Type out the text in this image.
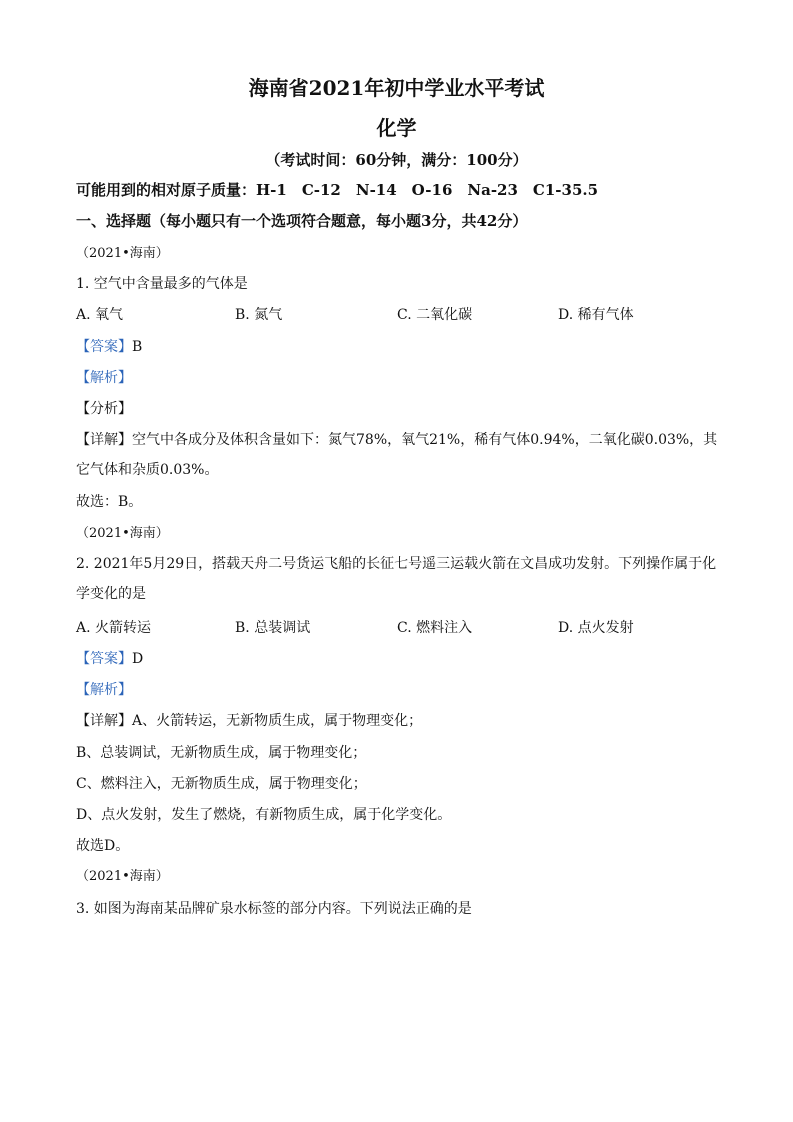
海南省2021年初中学业水平考试
化学
（考试时间：60分钟，满分：100分）
可能用到的相对原子质量：H-1　C-12　N-14　O-16　Na-23　C1-35.5
一、选择题（每小题只有一个选项符合题意，每小题3分，共42分）
（2021•海南）
1. 空气中含量最多的气体是
A. 氧气	B. 氮气	C. 二氧化碳	D. 稀有气体
【答案】B
【解析】
【分析】
【详解】空气中各成分及体积含量如下：氮气78%，氧气21%，稀有气体0.94%，二氧化碳0.03%，其它气体和杂质0.03%。
故选：B。
（2021•海南）
2. 2021年5月29日，搭载天舟二号货运飞船的长征七号遥三运载火箭在文昌成功发射。下列操作属于化学变化的是
A. 火箭转运	B. 总装调试	C. 燃料注入	D. 点火发射
【答案】D
【解析】
【详解】A、火箭转运，无新物质生成，属于物理变化；
B、总装调试，无新物质生成，属于物理变化；
C、燃料注入，无新物质生成，属于物理变化；
D、点火发射，发生了燃烧，有新物质生成，属于化学变化。
故选D。
（2021•海南）
3. 如图为海南某品牌矿泉水标签的部分内容。下列说法正确的是
